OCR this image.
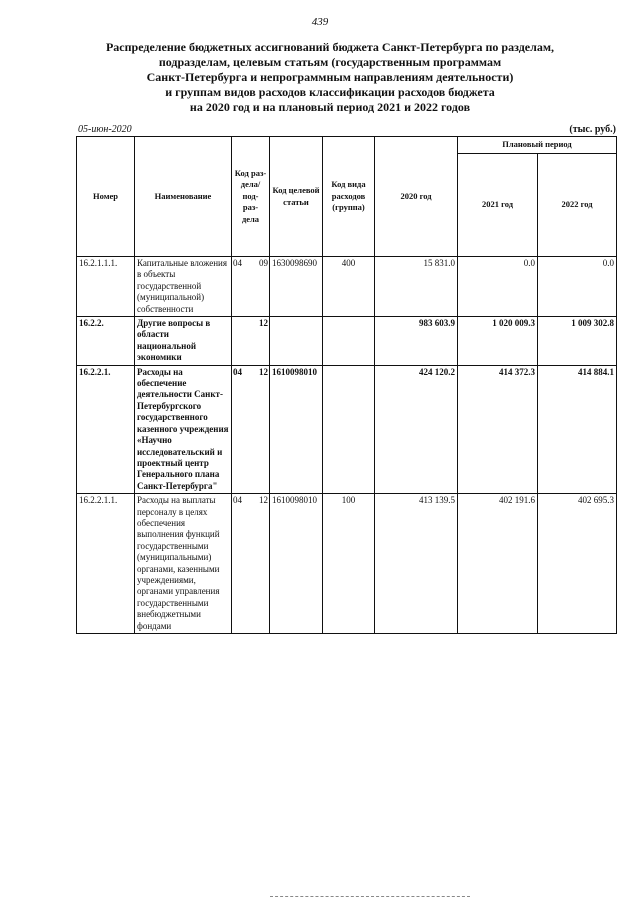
439
Распределение бюджетных ассигнований бюджета Санкт-Петербурга по разделам,
подразделам, целевым статьям (государственным программам
Санкт-Петербурга и непрограммным направлениям деятельности)
и группам видов расходов классификации расходов бюджета
на 2020 год и на плановый период 2021 и 2022 годов
05-июн-2020	(тыс. руб.)
Номер	Наименование	Код раз- дела/ под- раз- дела	Код целевой статьи	Код вида расходов (группа)	2020 год	Плановый период	
						2021 год	2022 год
16.2.1.1.1.	Капитальные вложения в объекты государственной (муниципальной) собственности	04 09	1630098690	400	15 831.0	0.0	0.0
16.2.2.	Другие вопросы в области национальной экономики	12			983 603.9	1 020 009.3	1 009 302.8
16.2.2.1.	Расходы на обеспечение деятельности Санкт-Петербургского государственного казенного учреждения «Научно исследовательский и проектный центр Генерального плана Санкт-Петербурга"	04 12	1610098010		424 120.2	414 372.3	414 884.1
16.2.2.1.1.	Расходы на выплаты персоналу в целях обеспечения выполнения функций государственными (муниципальными) органами, казенными учреждениями, органами управления государственными внебюджетными фондами	04 12	1610098010	100	413 139.5	402 191.6	402 695.3
